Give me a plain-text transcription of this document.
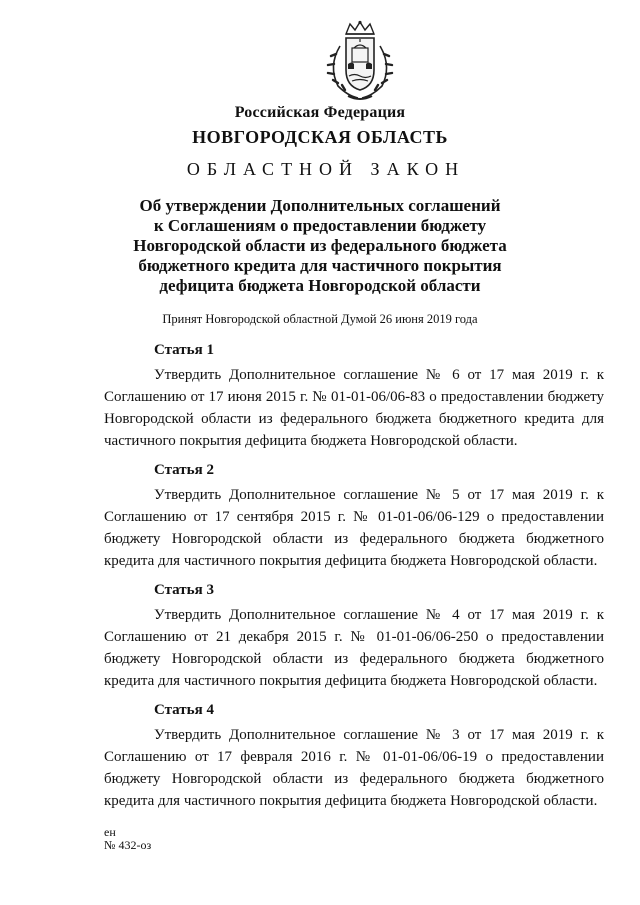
Российская Федерация
НОВГОРОДСКАЯ ОБЛАСТЬ
ОБЛАСТНОЙ ЗАКОН
Об утверждении Дополнительных соглашений
к Соглашениям о предоставлении бюджету
Новгородской области из федерального бюджета
бюджетного кредита для частичного покрытия
дефицита бюджета Новгородской области
Принят Новгородской областной Думой 26 июня 2019 года
Статья 1

Утвердить Дополнительное соглашение № 6 от 17 мая 2019 г. к Соглашению от 17 июня 2015 г. № 01-01-06/06-83 о предоставлении бюджету Новгородской области из федерального бюджета бюджетного кредита для частичного покрытия дефицита бюджета Новгородской области.

Статья 2

Утвердить Дополнительное соглашение № 5 от 17 мая 2019 г. к Соглашению от 17 сентября 2015 г. № 01-01-06/06-129 о предоставлении бюджету Новгородской области из федерального бюджета бюджетного кредита для частичного покрытия дефицита бюджета Новгородской области.

Статья 3

Утвердить Дополнительное соглашение № 4 от 17 мая 2019 г. к Соглашению от 21 декабря 2015 г. № 01-01-06/06-250 о предоставлении бюджету Новгородской области из федерального бюджета бюджетного кредита для частичного покрытия дефицита бюджета Новгородской области.

Статья 4

Утвердить Дополнительное соглашение № 3 от 17 мая 2019 г. к Соглашению от 17 февраля 2016 г. № 01-01-06/06-19 о предоставлении бюджету Новгородской области из федерального бюджета бюджетного кредита для частичного покрытия дефицита бюджета Новгородской области.

ен
№ 432-оз
